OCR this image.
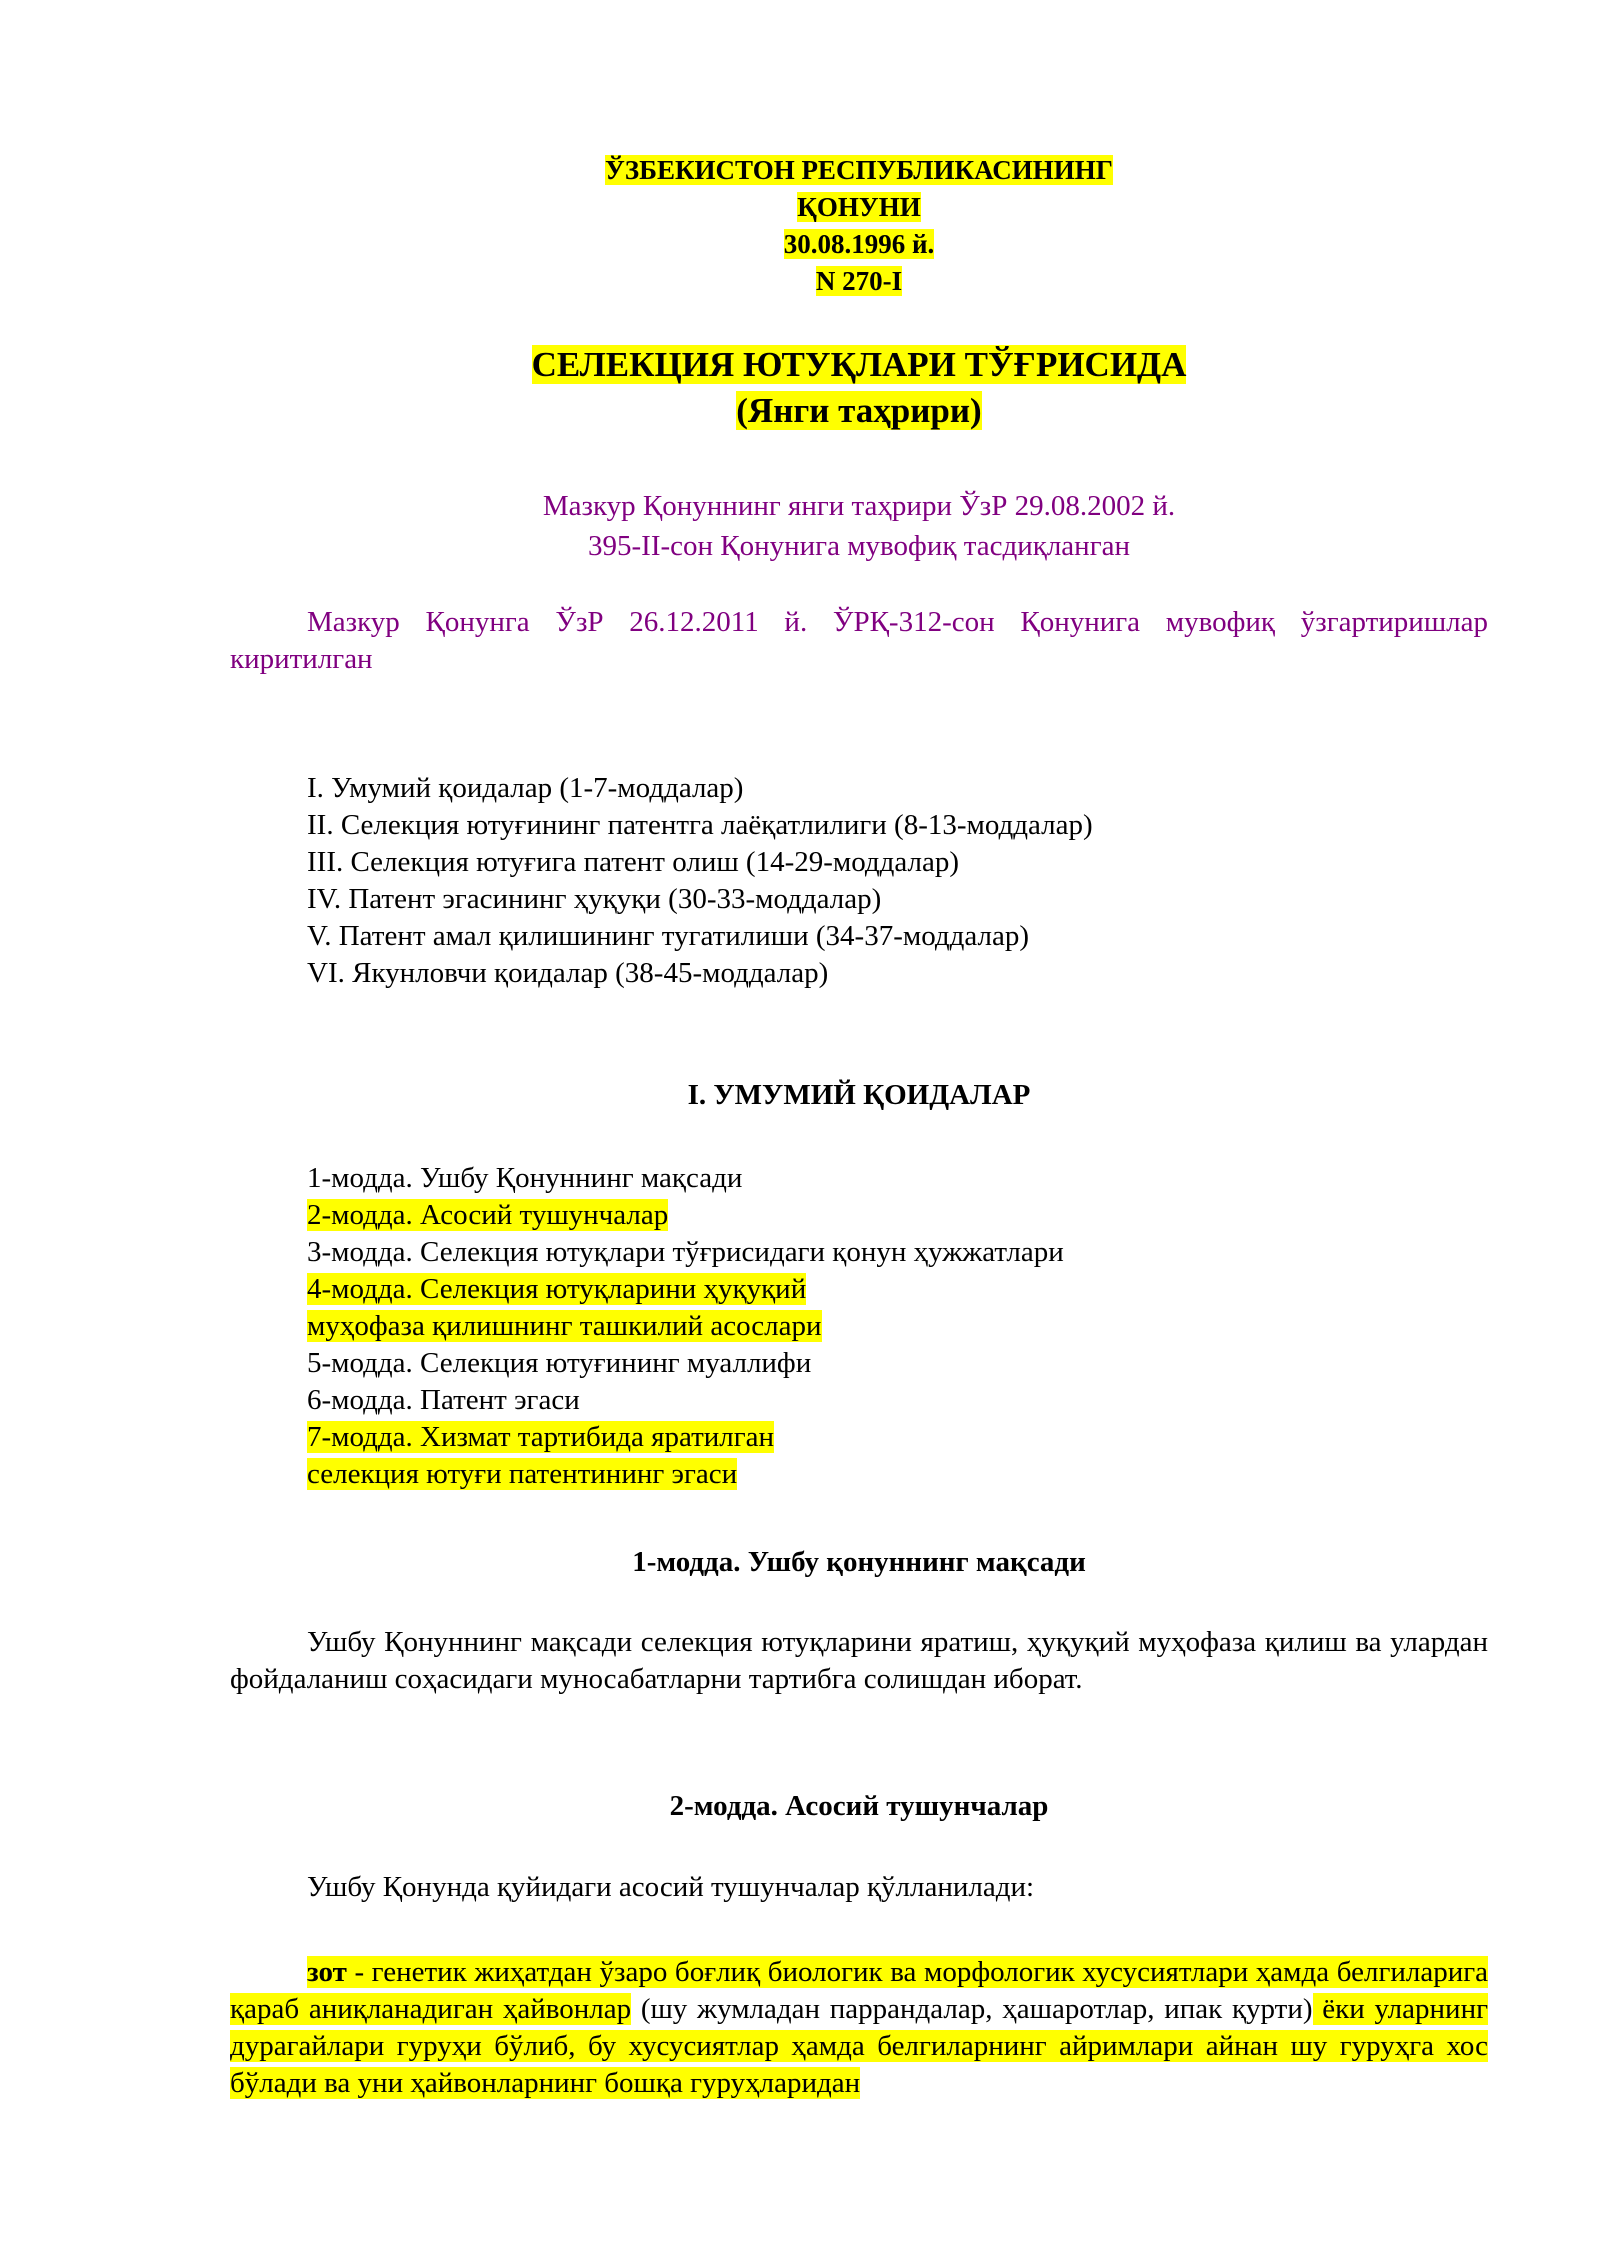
ЎЗБЕКИСТОН РЕСПУБЛИКАСИНИНГ
ҚОНУНИ
30.08.1996 й.
N 270-I
СЕЛЕКЦИЯ ЮТУҚЛАРИ ТЎҒРИСИДА
(Янги таҳрири)
Мазкур Қонуннинг янги таҳрири ЎзР 29.08.2002 й.
395-II-сон Қонунига мувофиқ тасдиқланган
Мазкур Қонунга ЎзР 26.12.2011 й. ЎРҚ-312-сон Қонунига мувофиқ ўзгартиришлар киритилган
I. Умумий қоидалар (1-7-моддалар)
II. Селекция ютуғининг патентга лаёқатлилиги (8-13-моддалар)
III. Селекция ютуғига патент олиш (14-29-моддалар)
IV. Патент эгасининг ҳуқуқи (30-33-моддалар)
V. Патент амал қилишининг тугатилиши (34-37-моддалар)
VI. Якунловчи қоидалар (38-45-моддалар)
I. УМУМИЙ ҚОИДАЛАР
1-модда. Ушбу Қонуннинг мақсади
2-модда. Асосий тушунчалар
3-модда. Селекция ютуқлари тўғрисидаги қонун ҳужжатлари
4-модда. Селекция ютуқларини ҳуқуқий
муҳофаза қилишнинг ташкилий асослари
5-модда. Селекция ютуғининг муаллифи
6-модда. Патент эгаси
7-модда. Хизмат тартибида яратилган
селекция ютуғи патентининг эгаси
1-модда. Ушбу қонуннинг мақсади
Ушбу Қонуннинг мақсади селекция ютуқларини яратиш, ҳуқуқий муҳофаза қилиш ва улардан фойдаланиш соҳасидаги муносабатларни тартибга солишдан иборат.
2-модда. Асосий тушунчалар
Ушбу Қонунда қуйидаги асосий тушунчалар қўлланилади:
зот - генетик жиҳатдан ўзаро боғлиқ биологик ва морфологик хусусиятлари ҳамда белгиларига қараб аниқланадиган ҳайвонлар (шу жумладан паррандалар, ҳашаротлар, ипак қурти) ёки уларнинг дурагайлари гуруҳи бўлиб, бу хусусиятлар ҳамда белгиларнинг айримлари айнан шу гуруҳга хос бўлади ва уни ҳайвонларнинг бошқа гуруҳларидан
